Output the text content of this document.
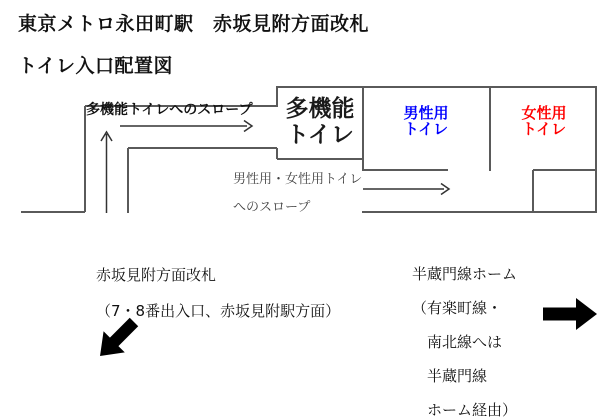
東京メトロ永田町駅　赤坂見附方面改札

トイレ入口配置図
多機能トイレへのスロープ	多機能
トイレ
男性用
トイレ
女性用
トイレ
男性用・女性用トイレ

へのスロープ
赤坂見附方面改札

（7・8番出入口、赤坂見附駅方面）
半蔵門線ホーム

（有楽町線・

　南北線へは

　半蔵門線

　ホーム経由）
